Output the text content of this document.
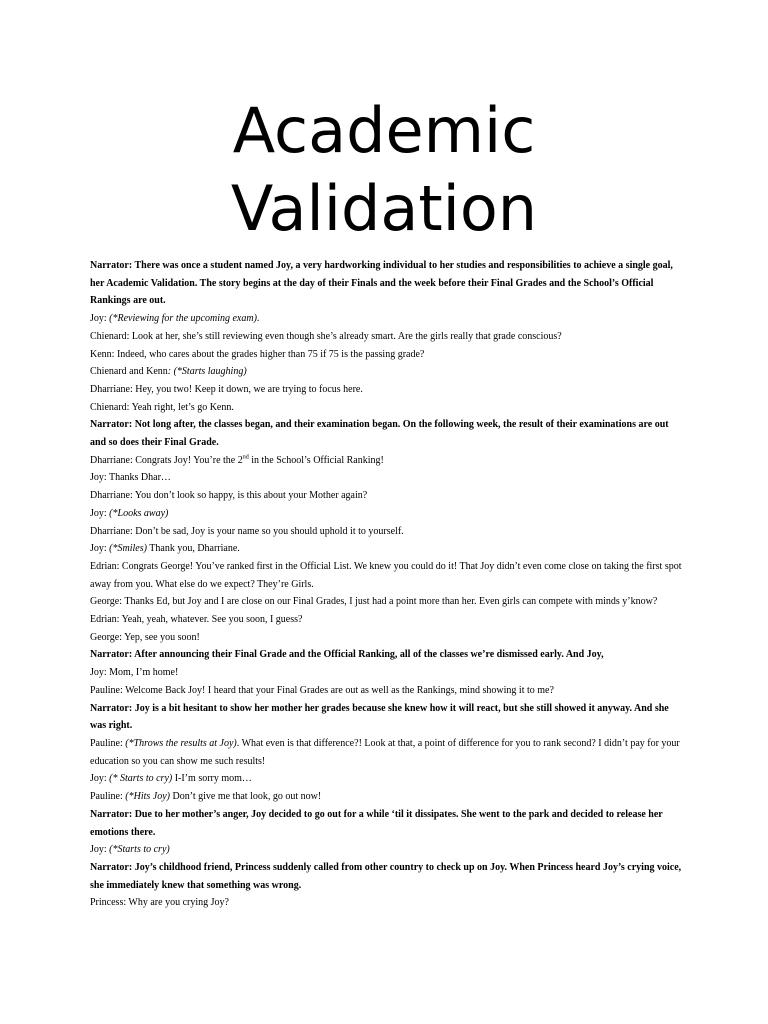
Academic
Validation

Narrator: There was once a student named Joy, a very hardworking individual to her studies and responsibilities to achieve a single goal, her Academic Validation. The story begins at the day of their Finals and the week before their Final Grades and the School’s Official Rankings are out.

Joy: (*Reviewing for the upcoming exam).

Chienard: Look at her, she’s still reviewing even though she’s already smart. Are the girls really that grade conscious?

Kenn: Indeed, who cares about the grades higher than 75 if 75 is the passing grade?

Chienard and Kenn: (*Starts laughing)

Dharriane: Hey, you two! Keep it down, we are trying to focus here.

Chienard: Yeah right, let’s go Kenn.

Narrator: Not long after, the classes began, and their examination began. On the following week, the result of their examinations are out and so does their Final Grade.

Dharriane: Congrats Joy! You’re the 2nd in the School’s Official Ranking!

Joy: Thanks Dhar…

Dharriane: You don’t look so happy, is this about your Mother again?

Joy: (*Looks away)

Dharriane: Don’t be sad, Joy is your name so you should uphold it to yourself.

Joy: (*Smiles) Thank you, Dharriane.

Edrian: Congrats George! You’ve ranked first in the Official List. We knew you could do it! That Joy didn’t even come close on taking the first spot away from you. What else do we expect? They’re Girls.

George: Thanks Ed, but Joy and I are close on our Final Grades, I just had a point more than her. Even girls can compete with minds y’know?

Edrian: Yeah, yeah, whatever. See you soon, I guess?

George: Yep, see you soon!

Narrator: After announcing their Final Grade and the Official Ranking, all of the classes we’re dismissed early. And Joy,

Joy: Mom, I’m home!

Pauline: Welcome Back Joy! I heard that your Final Grades are out as well as the Rankings, mind showing it to me?

Narrator: Joy is a bit hesitant to show her mother her grades because she knew how it will react, but she still showed it anyway. And she was right.

Pauline: (*Throws the results at Joy). What even is that difference?! Look at that, a point of difference for you to rank second? I didn’t pay for your education so you can show me such results!

Joy: (* Starts to cry) I-I’m sorry mom…

Pauline: (*Hits Joy) Don’t give me that look, go out now!

Narrator: Due to her mother’s anger, Joy decided to go out for a while ‘til it dissipates. She went to the park and decided to release her emotions there.

Joy: (*Starts to cry)

Narrator: Joy’s childhood friend, Princess suddenly called from other country to check up on Joy. When Princess heard Joy’s crying voice, she immediately knew that something was wrong.

Princess: Why are you crying Joy?
